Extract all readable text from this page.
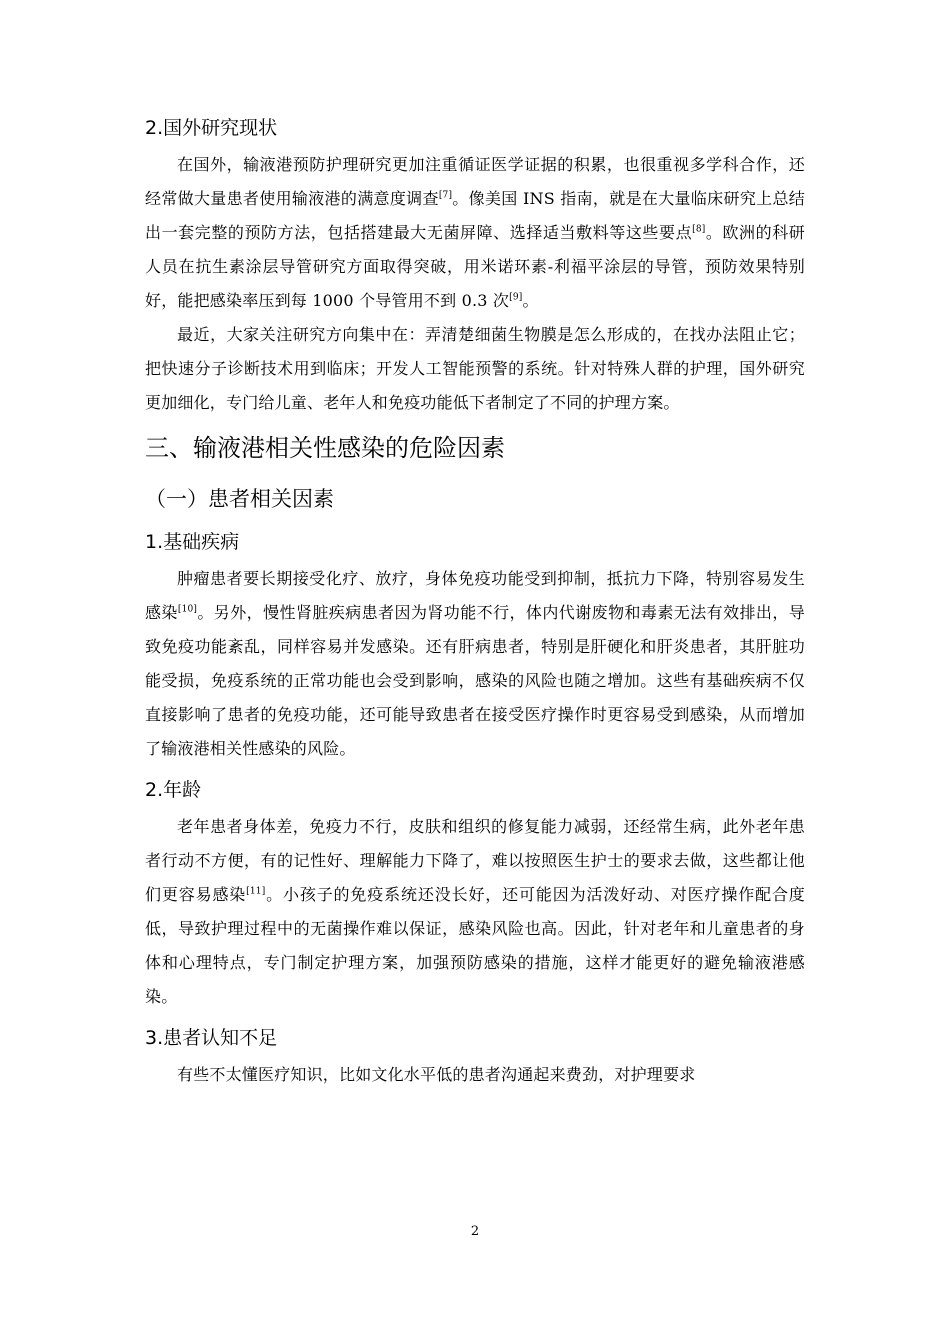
2.国外研究现状
在国外，输液港预防护理研究更加注重循证医学证据的积累，也很重视多学科合作，还经常做大量患者使用输液港的满意度调查[7]。像美国 INS 指南，就是在大量临床研究上总结出一套完整的预防方法，包括搭建最大无菌屏障、选择适当敷料等这些要点[8]。欧洲的科研人员在抗生素涂层导管研究方面取得突破，用米诺环素-利福平涂层的导管，预防效果特别好，能把感染率压到每 1000 个导管用不到 0.3 次[9]。
最近，大家关注研究方向集中在：弄清楚细菌生物膜是怎么形成的，在找办法阻止它；把快速分子诊断技术用到临床；开发人工智能预警的系统。针对特殊人群的护理，国外研究更加细化，专门给儿童、老年人和免疫功能低下者制定了不同的护理方案。
三、输液港相关性感染的危险因素
（一）患者相关因素
1.基础疾病
肿瘤患者要长期接受化疗、放疗，身体免疫功能受到抑制，抵抗力下降，特别容易发生感染[10]。另外，慢性肾脏疾病患者因为肾功能不行，体内代谢废物和毒素无法有效排出，导致免疫功能紊乱，同样容易并发感染。还有肝病患者，特别是肝硬化和肝炎患者，其肝脏功能受损，免疫系统的正常功能也会受到影响，感染的风险也随之增加。这些有基础疾病不仅直接影响了患者的免疫功能，还可能导致患者在接受医疗操作时更容易受到感染，从而增加了输液港相关性感染的风险。
2.年龄
老年患者身体差，免疫力不行，皮肤和组织的修复能力减弱，还经常生病，此外老年患者行动不方便，有的记性好、理解能力下降了，难以按照医生护士的要求去做，这些都让他们更容易感染[11]。小孩子的免疫系统还没长好，还可能因为活泼好动、对医疗操作配合度低，导致护理过程中的无菌操作难以保证，感染风险也高。因此，针对老年和儿童患者的身体和心理特点，专门制定护理方案，加强预防感染的措施，这样才能更好的避免输液港感染。
3.患者认知不足
有些不太懂医疗知识，比如文化水平低的患者沟通起来费劲，对护理要求
2
